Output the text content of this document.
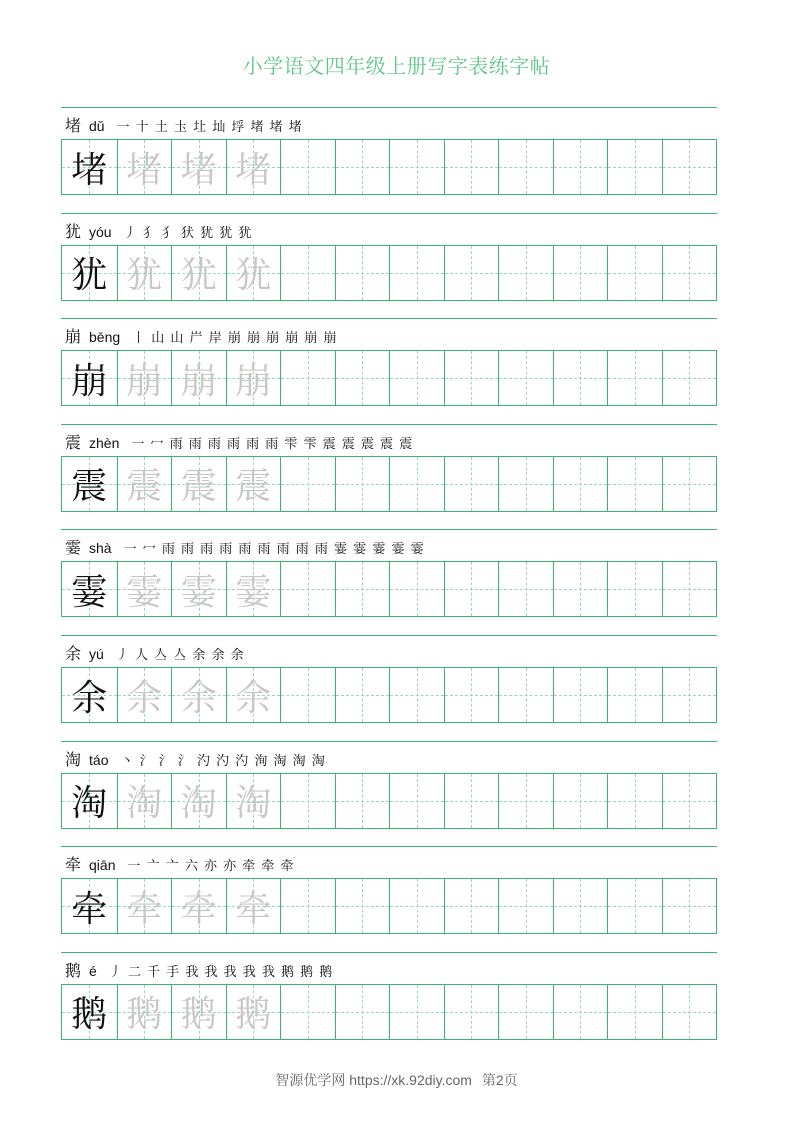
小学语文四年级上册写字表练字帖
堵 dǔ 一 十 土 圡 圵 圸 垺 堵 堵 堵
堵 堵 堵 堵
犹 yóu 丿 犭 犭 犾 犹 犹 犹
犹 犹 犹 犹
崩 bēng 丨 山 山 屵 岸 崩 崩 崩 崩 崩 崩
崩 崩 崩 崩
震 zhèn 一 冖 雨 雨 雨 雨 雨 雨 雫 雫 震 震 震 震 震
震 震 震 震
霎 shà 一 冖 雨 雨 雨 雨 雨 雨 雨 雨 雨 霎 霎 霎 霎 霎
霎 霎 霎 霎
余 yú 丿 人 亼 亼 余 余 余
余 余 余 余
淘 táo 丶 氵 氵 氵 汋 汋 汋 洵 淘 淘 淘
淘 淘 淘 淘
牵 qiān 一 亠 亠 六 亦 亦 牵 牵 牵
牵 牵 牵 牵
鹅 é 丿 二 千 手 我 我 我 我 我 鹅 鹅 鹅
鹅 鹅 鹅 鹅
智源优学网 https://xk.92diy.com 第2页
